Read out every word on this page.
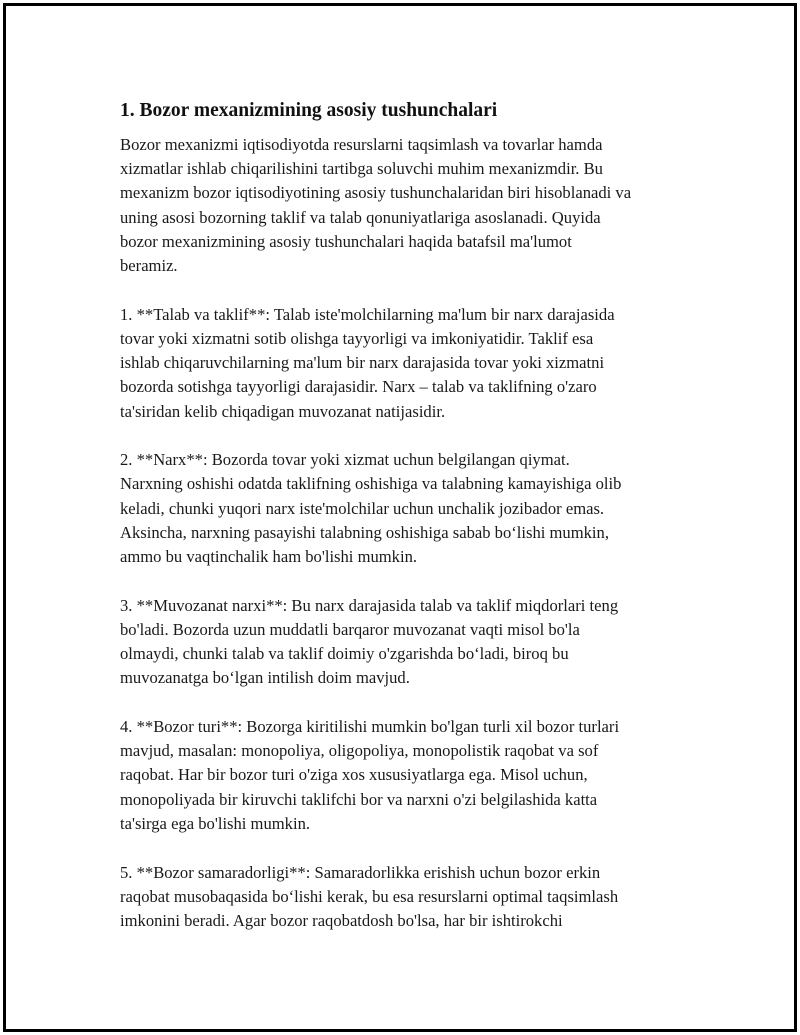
1. Bozor mexanizmining asosiy tushunchalari

Bozor mexanizmi iqtisodiyotda resurslarni taqsimlash va tovarlar hamda
xizmatlar ishlab chiqarilishini tartibga soluvchi muhim mexanizmdir. Bu
mexanizm bozor iqtisodiyotining asosiy tushunchalaridan biri hisoblanadi va
uning asosi bozorning taklif va talab qonuniyatlariga asoslanadi. Quyida
bozor mexanizmining asosiy tushunchalari haqida batafsil ma'lumot
beramiz.

1. **Talab va taklif**: Talab iste'molchilarning ma'lum bir narx darajasida
tovar yoki xizmatni sotib olishga tayyorligi va imkoniyatidir. Taklif esa
ishlab chiqaruvchilarning ma'lum bir narx darajasida tovar yoki xizmatni
bozorda sotishga tayyorligi darajasidir. Narx – talab va taklifning o'zaro
ta'siridan kelib chiqadigan muvozanat natijasidir.

2. **Narx**: Bozorda tovar yoki xizmat uchun belgilangan qiymat.
Narxning oshishi odatda taklifning oshishiga va talabning kamayishiga olib
keladi, chunki yuqori narx iste'molchilar uchun unchalik jozibador emas.
Aksincha, narxning pasayishi talabning oshishiga sabab bo‘lishi mumkin,
ammo bu vaqtinchalik ham bo'lishi mumkin.

3. **Muvozanat narxi**: Bu narx darajasida talab va taklif miqdorlari teng
bo'ladi. Bozorda uzun muddatli barqaror muvozanat vaqti misol bo'la
olmaydi, chunki talab va taklif doimiy o'zgarishda bo‘ladi, biroq bu
muvozanatga bo‘lgan intilish doim mavjud.

4. **Bozor turi**: Bozorga kiritilishi mumkin bo'lgan turli xil bozor turlari
mavjud, masalan: monopoliya, oligopoliya, monopolistik raqobat va sof
raqobat. Har bir bozor turi o'ziga xos xususiyatlarga ega. Misol uchun,
monopoliyada bir kiruvchi taklifchi bor va narxni o'zi belgilashida katta
ta'sirga ega bo'lishi mumkin.

5. **Bozor samaradorligi**: Samaradorlikka erishish uchun bozor erkin
raqobat musobaqasida bo‘lishi kerak, bu esa resurslarni optimal taqsimlash
imkonini beradi. Agar bozor raqobatdosh bo'lsa, har bir ishtirokchi
